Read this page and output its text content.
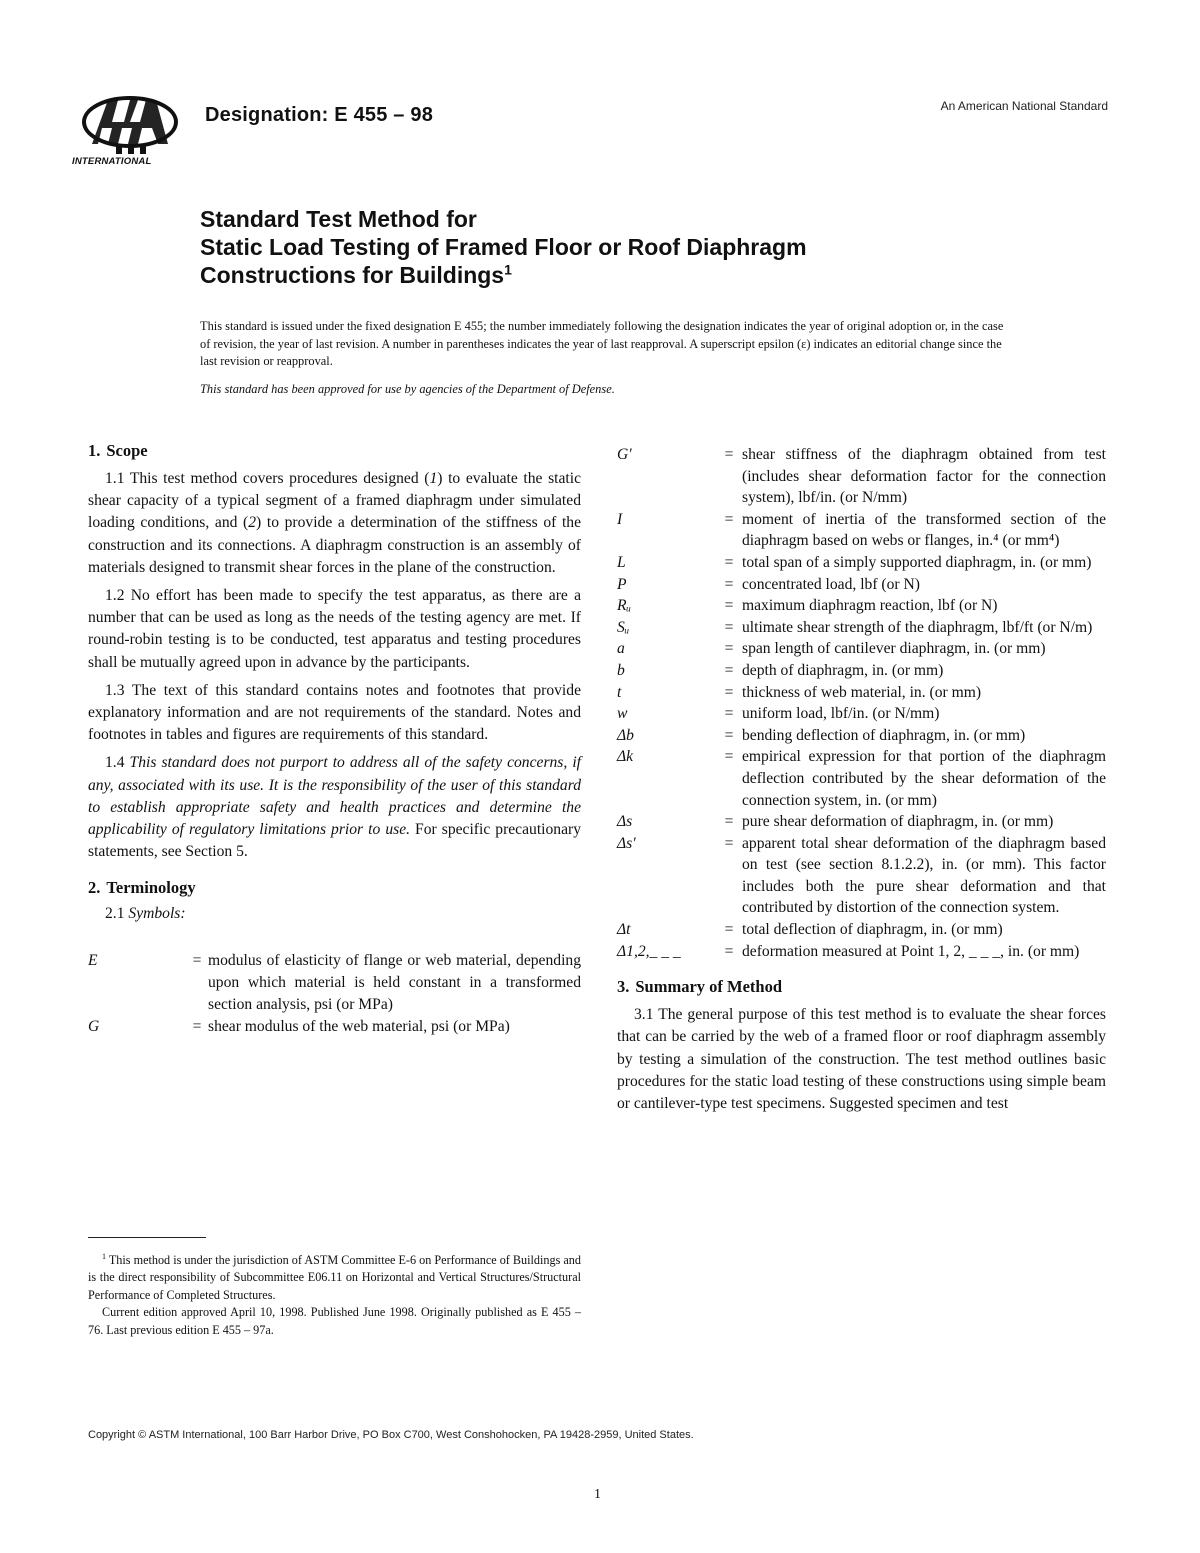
INTERNATIONAL
Designation: E 455 – 98	An American National Standard
Standard Test Method for
Static Load Testing of Framed Floor or Roof Diaphragm
Constructions for Buildings$^1$
This standard is issued under the fixed designation E 455; the number immediately following the designation indicates the year of original adoption or, in the case of revision, the year of last revision. A number in parentheses indicates the year of last reapproval. A superscript epsilon (ε) indicates an editorial change since the last revision or reapproval.
This standard has been approved for use by agencies of the Department of Defense.
1. Scope

1.1 This test method covers procedures designed (1) to evaluate the static shear capacity of a typical segment of a framed diaphragm under simulated loading conditions, and (2) to provide a determination of the stiffness of the construction and its connections. A diaphragm construction is an assembly of materials designed to transmit shear forces in the plane of the construction.

1.2 No effort has been made to specify the test apparatus, as there are a number that can be used as long as the needs of the testing agency are met. If round-robin testing is to be conducted, test apparatus and testing procedures shall be mutually agreed upon in advance by the participants.

1.3 The text of this standard contains notes and footnotes that provide explanatory information and are not requirements of the standard. Notes and footnotes in tables and figures are requirements of this standard.

1.4 This standard does not purport to address all of the safety concerns, if any, associated with its use. It is the responsibility of the user of this standard to establish appropriate safety and health practices and determine the applicability of regulatory limitations prior to use. For specific precautionary statements, see Section 5.

2. Terminology

2.1 Symbols:

E	= modulus of elasticity of flange or web material, depending upon which material is held constant in a transformed section analysis, psi (or MPa)
G	= shear modulus of the web material, psi (or MPa)

$^1$ This method is under the jurisdiction of ASTM Committee E-6 on Performance of Buildings and is the direct responsibility of Subcommittee E06.11 on Horizontal and Vertical Structures/Structural Performance of Completed Structures.

Current edition approved April 10, 1998. Published June 1998. Originally published as E 455 – 76. Last previous edition E 455 – 97a.

G′	= shear stiffness of the diaphragm obtained from test (includes shear deformation factor for the connection system), lbf/in. (or N/mm)
I	= moment of inertia of the transformed section of the diaphragm based on webs or flanges, in.⁴ (or mm⁴)
L	= total span of a simply supported diaphragm, in. (or mm)
P	= concentrated load, lbf (or N)
Rᵤ	= maximum diaphragm reaction, lbf (or N)
Sᵤ	= ultimate shear strength of the diaphragm, lbf/ft (or N/m)
a	= span length of cantilever diaphragm, in. (or mm)
b	= depth of diaphragm, in. (or mm)
t	= thickness of web material, in. (or mm)
w	= uniform load, lbf/in. (or N/mm)
Δb	= bending deflection of diaphragm, in. (or mm)
Δk	= empirical expression for that portion of the diaphragm deflection contributed by the shear deformation of the connection system, in. (or mm)
Δs	= pure shear deformation of diaphragm, in. (or mm)
Δs′	= apparent total shear deformation of the diaphragm based on test (see section 8.1.2.2), in. (or mm). This factor includes both the pure shear deformation and that contributed by distortion of the connection system.
Δt	= total deflection of diaphragm, in. (or mm)
Δ1,2,_ _ _	= deformation measured at Point 1, 2, _ _ _, in. (or mm)
3. Summary of Method

3.1 The general purpose of this test method is to evaluate the shear forces that can be carried by the web of a framed floor or roof diaphragm assembly by testing a simulation of the construction. The test method outlines basic procedures for the static load testing of these constructions using simple beam or cantilever-type test specimens. Suggested specimen and test

Copyright © ASTM International, 100 Barr Harbor Drive, PO Box C700, West Conshohocken, PA 19428-2959, United States.
1
